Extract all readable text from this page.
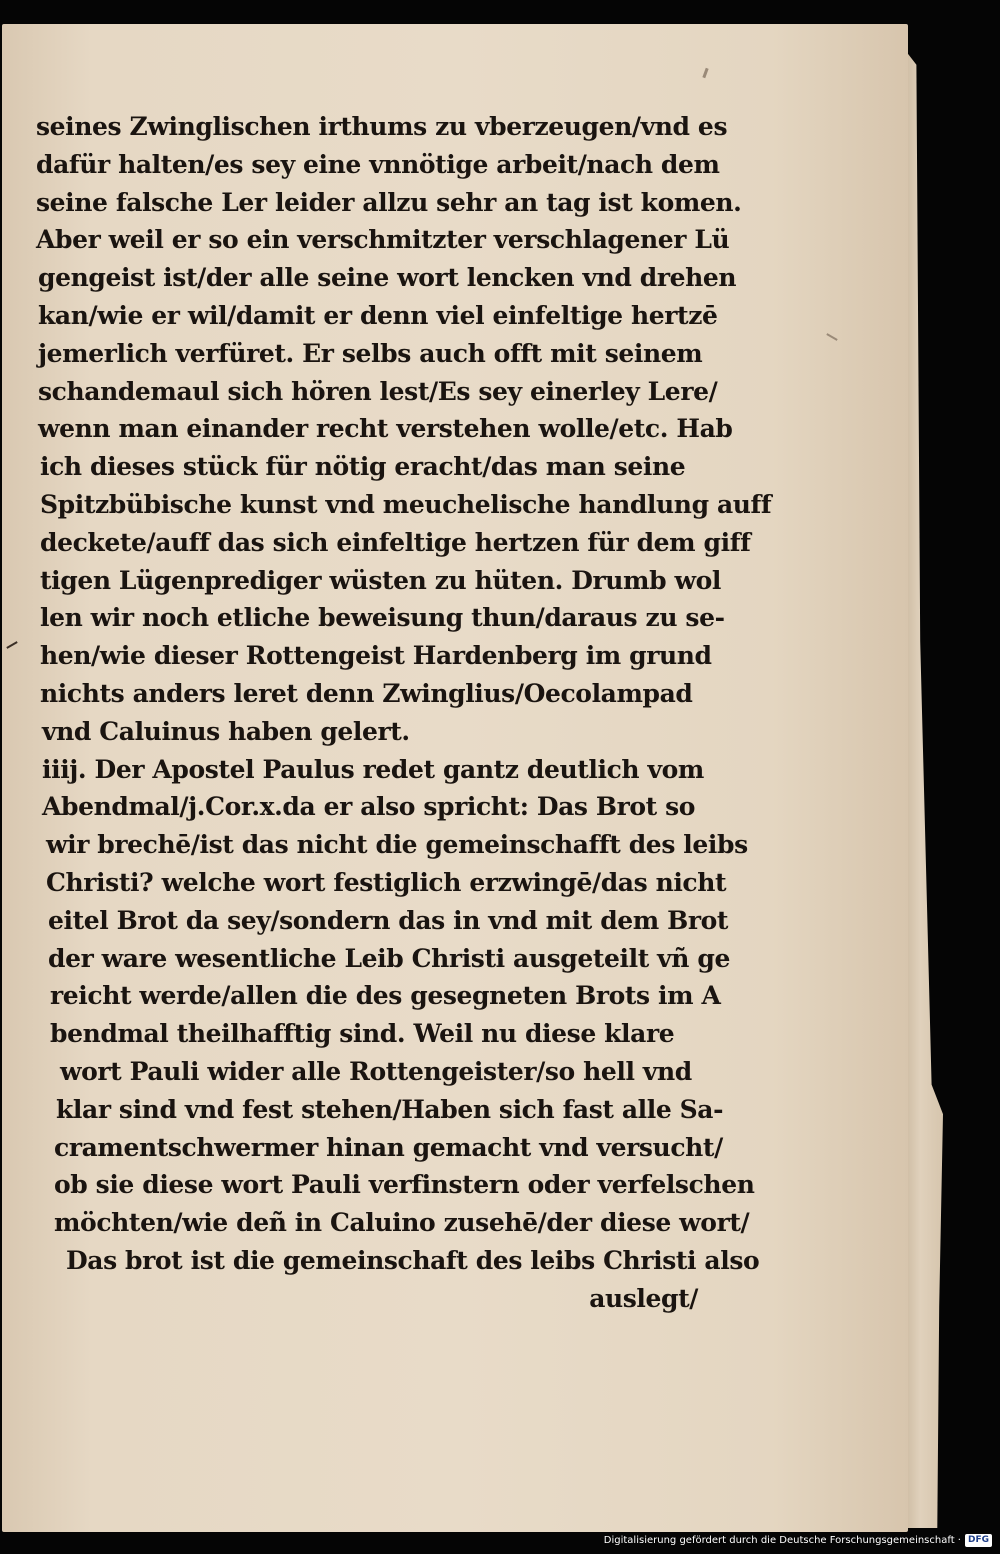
seines Zwinglischen irthums zu vberzeugen/vnd es
dafür halten/es sey eine vnnötige arbeit/nach dem
seine falsche Ler leider allzu sehr an tag ist komen.
Aber weil er so ein verschmitzter verschlagener Lü
gengeist ist/der alle seine wort lencken vnd drehen
kan/wie er wil/damit er denn viel einfeltige hertzē
jemerlich verfüret. Er selbs auch offt mit seinem
schandemaul sich hören lest/Es sey einerley Lere/
wenn man einander recht verstehen wolle/etc. Hab
ich dieses stück für nötig eracht/das man seine
Spitzbübische kunst vnd meuchelische handlung auff
deckete/auff das sich einfeltige hertzen für dem giff
tigen Lügenprediger wüsten zu hüten. Drumb wol
len wir noch etliche beweisung thun/daraus zu se-
hen/wie dieser Rottengeist Hardenberg im grund
nichts anders leret denn Zwinglius/Oecolampad
vnd Caluinus haben gelert.
iiij. Der Apostel Paulus redet gantz deutlich vom
Abendmal/j.Cor.x.da er also spricht: Das Brot so
wir brechē/ist das nicht die gemeinschafft des leibs
Christi? welche wort festiglich erzwingē/das nicht
eitel Brot da sey/sondern das in vnd mit dem Brot
der ware wesentliche Leib Christi ausgeteilt vñ ge
reicht werde/allen die des gesegneten Brots im A
bendmal theilhafftig sind. Weil nu diese klare
wort Pauli wider alle Rottengeister/so hell vnd
klar sind vnd fest stehen/Haben sich fast alle Sa-
cramentschwermer hinan gemacht vnd versucht/
ob sie diese wort Pauli verfinstern oder verfelschen
möchten/wie deñ in Caluino zusehē/der diese wort/
Das brot ist die gemeinschaft des leibs Christi also
auslegt/
Digitalisierung gefördert durch die Deutsche Forschungsgemeinschaft · DFG
